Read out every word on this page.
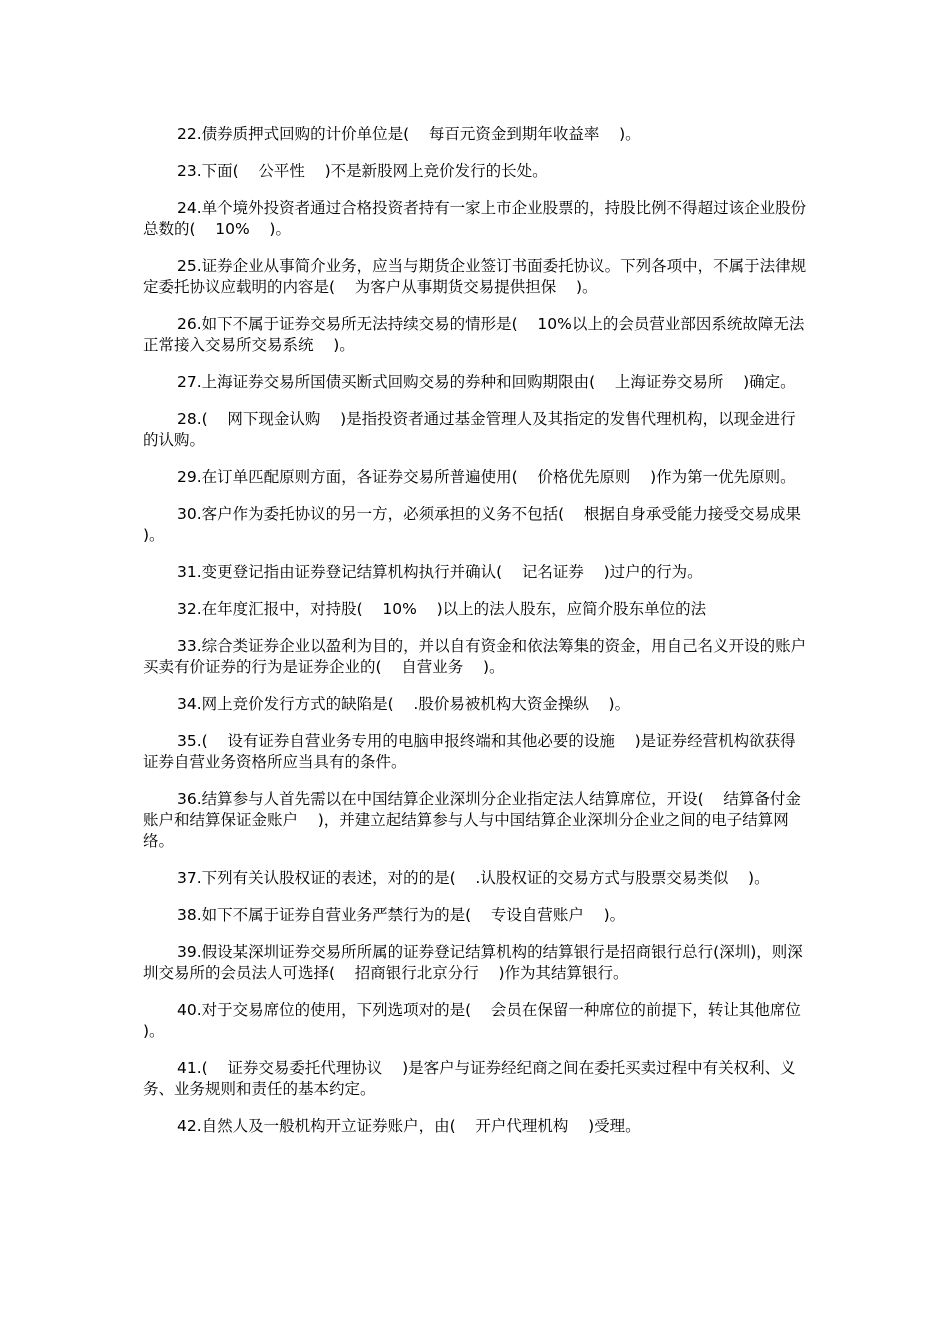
22.债券质押式回购的计价单位是(    每百元资金到期年收益率    )。

23.下面(    公平性    )不是新股网上竞价发行的长处。

24.单个境外投资者通过合格投资者持有一家上市企业股票的，持股比例不得超过该企业股份总数的(    10%    )。

25.证券企业从事简介业务，应当与期货企业签订书面委托协议。下列各项中，不属于法律规定委托协议应载明的内容是(    为客户从事期货交易提供担保    )。

26.如下不属于证券交易所无法持续交易的情形是(    10%以上的会员营业部因系统故障无法正常接入交易所交易系统    )。

27.上海证券交易所国债买断式回购交易的券种和回购期限由(    上海证券交易所    )确定。

28.(    网下现金认购    )是指投资者通过基金管理人及其指定的发售代理机构，以现金进行的认购。

29.在订单匹配原则方面，各证券交易所普遍使用(    价格优先原则    )作为第一优先原则。

30.客户作为委托协议的另一方，必须承担的义务不包括(    根据自身承受能力接受交易成果    )。

31.变更登记指由证券登记结算机构执行并确认(    记名证券    )过户的行为。

32.在年度汇报中，对持股(    10%    )以上的法人股东，应简介股东单位的法

33.综合类证券企业以盈利为目的，并以自有资金和依法筹集的资金，用自己名义开设的账户买卖有价证券的行为是证券企业的(    自营业务    )。

34.网上竞价发行方式的缺陷是(    .股价易被机构大资金操纵    )。

35.(    设有证券自营业务专用的电脑申报终端和其他必要的设施    )是证券经营机构欲获得证券自营业务资格所应当具有的条件。

36.结算参与人首先需以在中国结算企业深圳分企业指定法人结算席位，开设(    结算备付金账户和结算保证金账户    )，并建立起结算参与人与中国结算企业深圳分企业之间的电子结算网络。

37.下列有关认股权证的表述，对的的是(    .认股权证的交易方式与股票交易类似    )。

38.如下不属于证券自营业务严禁行为的是(    专设自营账户    )。

39.假设某深圳证券交易所所属的证券登记结算机构的结算银行是招商银行总行(深圳)，则深圳交易所的会员法人可选择(    招商银行北京分行    )作为其结算银行。

40.对于交易席位的使用，下列选项对的是(    会员在保留一种席位的前提下，转让其他席位    )。

41.(    证券交易委托代理协议    )是客户与证券经纪商之间在委托买卖过程中有关权利、义务、业务规则和责任的基本约定。

42.自然人及一般机构开立证券账户，由(    开户代理机构    )受理。
